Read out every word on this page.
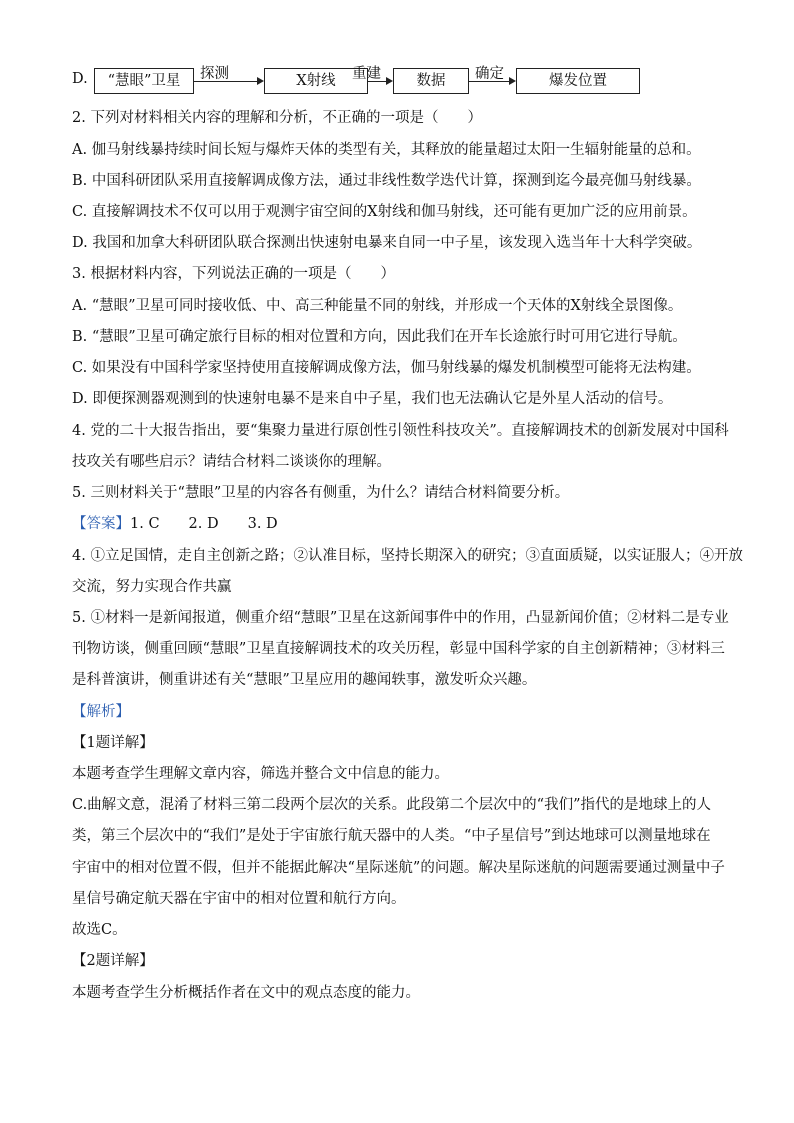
D.	“慧眼”卫星	探测	X射线	重建	数据	确定	爆发位置
2. 下列对材料相关内容的理解和分析，不正确的一项是（　　）
A. 伽马射线暴持续时间长短与爆炸天体的类型有关，其释放的能量超过太阳一生辐射能量的总和。
B. 中国科研团队采用直接解调成像方法，通过非线性数学迭代计算，探测到迄今最亮伽马射线暴。
C. 直接解调技术不仅可以用于观测宇宙空间的X射线和伽马射线，还可能有更加广泛的应用前景。
D. 我国和加拿大科研团队联合探测出快速射电暴来自同一中子星，该发现入选当年十大科学突破。
3. 根据材料内容，下列说法正确的一项是（　　）
A. “慧眼”卫星可同时接收低、中、高三种能量不同的射线，并形成一个天体的X射线全景图像。
B. “慧眼”卫星可确定旅行目标的相对位置和方向，因此我们在开车长途旅行时可用它进行导航。
C. 如果没有中国科学家坚持使用直接解调成像方法，伽马射线暴的爆发机制模型可能将无法构建。
D. 即便探测器观测到的快速射电暴不是来自中子星，我们也无法确认它是外星人活动的信号。
4. 党的二十大报告指出，要“集聚力量进行原创性引领性科技攻关”。直接解调技术的创新发展对中国科
技攻关有哪些启示？请结合材料二谈谈你的理解。
5. 三则材料关于“慧眼”卫星的内容各有侧重，为什么？请结合材料简要分析。
【答案】1. C　　2. D　　3. D
4. ①立足国情，走自主创新之路；②认准目标，坚持长期深入的研究；③直面质疑，以实证服人；④开放
交流，努力实现合作共赢
5. ①材料一是新闻报道，侧重介绍“慧眼”卫星在这新闻事件中的作用，凸显新闻价值；②材料二是专业
刊物访谈，侧重回顾“慧眼”卫星直接解调技术的攻关历程，彰显中国科学家的自主创新精神；③材料三
是科普演讲，侧重讲述有关“慧眼”卫星应用的趣闻轶事，激发听众兴趣。
【解析】
【1题详解】
本题考查学生理解文章内容，筛选并整合文中信息的能力。
C.曲解文意，混淆了材料三第二段两个层次的关系。此段第二个层次中的“我们”指代的是地球上的人
类，第三个层次中的“我们”是处于宇宙旅行航天器中的人类。“中子星信号”到达地球可以测量地球在
宇宙中的相对位置不假，但并不能据此解决“星际迷航”的问题。解决星际迷航的问题需要通过测量中子
星信号确定航天器在宇宙中的相对位置和航行方向。
故选C。
【2题详解】
本题考查学生分析概括作者在文中的观点态度的能力。
